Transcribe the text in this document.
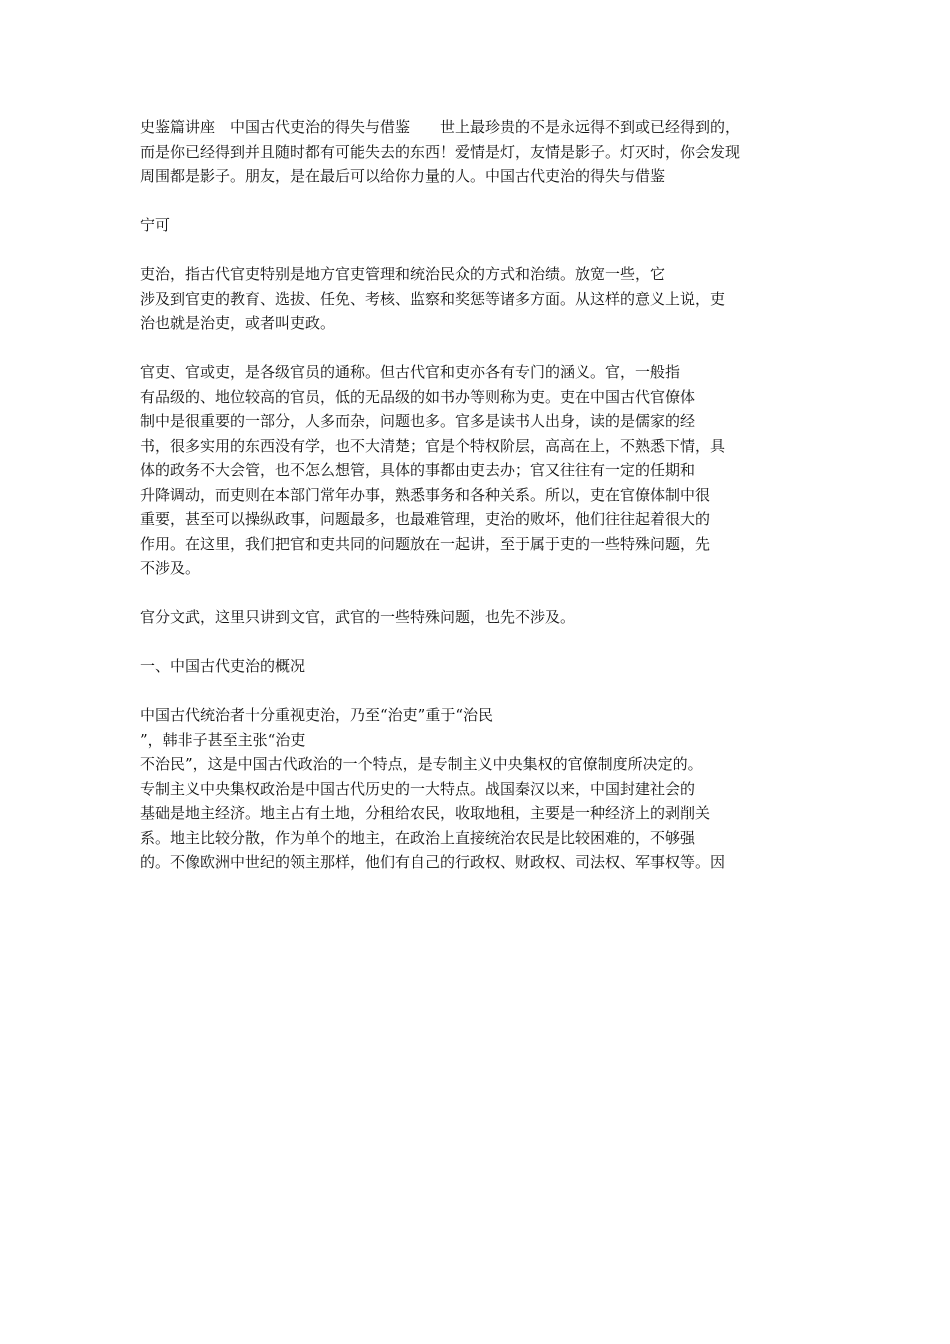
史鉴篇讲座　中国古代吏治的得失与借鉴　　世上最珍贵的不是永远得不到或已经得到的，
而是你已经得到并且随时都有可能失去的东西！爱情是灯，友情是影子。灯灭时，你会发现
周围都是影子。朋友，是在最后可以给你力量的人。中国古代吏治的得失与借鉴

宁可

吏治，指古代官吏特别是地方官吏管理和统治民众的方式和治绩。放宽一些，它
涉及到官吏的教育、选拔、任免、考核、监察和奖惩等诸多方面。从这样的意义上说，吏
治也就是治吏，或者叫吏政。

官吏、官或吏，是各级官员的通称。但古代官和吏亦各有专门的涵义。官，一般指
有品级的、地位较高的官员，低的无品级的如书办等则称为吏。吏在中国古代官僚体
制中是很重要的一部分，人多而杂，问题也多。官多是读书人出身，读的是儒家的经
书，很多实用的东西没有学，也不大清楚；官是个特权阶层，高高在上，不熟悉下情，具
体的政务不大会管，也不怎么想管，具体的事都由吏去办；官又往往有一定的任期和
升降调动，而吏则在本部门常年办事，熟悉事务和各种关系。所以，吏在官僚体制中很
重要，甚至可以操纵政事，问题最多，也最难管理，吏治的败坏，他们往往起着很大的
作用。在这里，我们把官和吏共同的问题放在一起讲，至于属于吏的一些特殊问题，先
不涉及。

官分文武，这里只讲到文官，武官的一些特殊问题，也先不涉及。

一、中国古代吏治的概况

中国古代统治者十分重视吏治，乃至“治吏”重于“治民
”，韩非子甚至主张“治吏
不治民”，这是中国古代政治的一个特点，是专制主义中央集权的官僚制度所决定的。
专制主义中央集权政治是中国古代历史的一大特点。战国秦汉以来，中国封建社会的
基础是地主经济。地主占有土地，分租给农民，收取地租，主要是一种经济上的剥削关
系。地主比较分散，作为单个的地主，在政治上直接统治农民是比较困难的，不够强
的。不像欧洲中世纪的领主那样，他们有自己的行政权、财政权、司法权、军事权等。因
